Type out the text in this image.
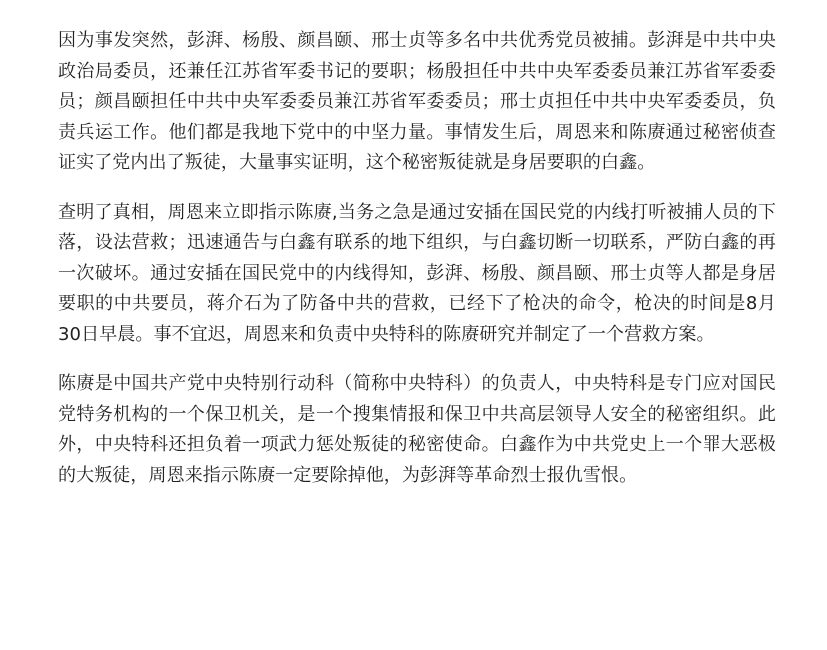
因为事发突然，彭湃、杨殷、颜昌颐、邢士贞等多名中共优秀党员被捕。彭湃是中共中央政治局委员，还兼任江苏省军委书记的要职；杨殷担任中共中央军委委员兼江苏省军委委员；颜昌颐担任中共中央军委委员兼江苏省军委委员；邢士贞担任中共中央军委委员，负责兵运工作。他们都是我地下党中的中坚力量。事情发生后，周恩来和陈赓通过秘密侦查证实了党内出了叛徒，大量事实证明，这个秘密叛徒就是身居要职的白鑫。

查明了真相，周恩来立即指示陈赓,当务之急是通过安插在国民党的内线打听被捕人员的下落，设法营救；迅速通告与白鑫有联系的地下组织，与白鑫切断一切联系，严防白鑫的再一次破坏。通过安插在国民党中的内线得知，彭湃、杨殷、颜昌颐、邢士贞等人都是身居要职的中共要员，蒋介石为了防备中共的营救，已经下了枪决的命令，枪决的时间是8月30日早晨。事不宜迟，周恩来和负责中央特科的陈赓研究并制定了一个营救方案。

陈赓是中国共产党中央特别行动科（简称中央特科）的负责人，中央特科是专门应对国民党特务机构的一个保卫机关，是一个搜集情报和保卫中共高层领导人安全的秘密组织。此外，中央特科还担负着一项武力惩处叛徒的秘密使命。白鑫作为中共党史上一个罪大恶极的大叛徒，周恩来指示陈赓一定要除掉他，为彭湃等革命烈士报仇雪恨。
